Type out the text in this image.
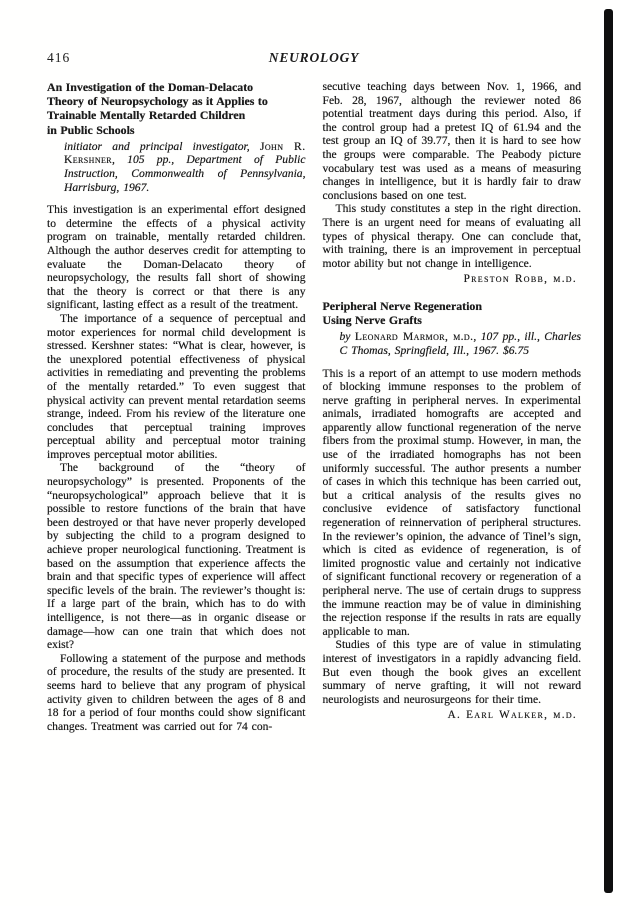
416	NEUROLOGY
An Investigation of the Doman-Delacato
Theory of Neuropsychology as it Applies to
Trainable Mentally Retarded Children
in Public Schools

initiator and principal investigator, John R. Kershner, 105 pp., Department of Public Instruction, Commonwealth of Pennsylvania, Harrisburg, 1967.

This investigation is an experimental effort designed to determine the effects of a physical activity program on trainable, mentally retarded children. Although the author deserves credit for attempting to evaluate the Doman-Delacato theory of neuropsychology, the results fall short of showing that the theory is correct or that there is any significant, lasting effect as a result of the treatment.

The importance of a sequence of perceptual and motor experiences for normal child development is stressed. Kershner states: “What is clear, however, is the unexplored potential effectiveness of physical activities in remediating and preventing the problems of the mentally retarded.” To even suggest that physical activity can prevent mental retardation seems strange, indeed. From his review of the literature one concludes that perceptual training improves perceptual ability and perceptual motor training improves perceptual motor abilities.

The background of the “theory of neuropsychology” is presented. Proponents of the “neuropsychological” approach believe that it is possible to restore functions of the brain that have been destroyed or that have never properly developed by subjecting the child to a program designed to achieve proper neurological functioning. Treatment is based on the assumption that experience affects the brain and that specific types of experience will affect specific levels of the brain. The reviewer’s thought is: If a large part of the brain, which has to do with intelligence, is not there—as in organic disease or damage—how can one train that which does not exist?

Following a statement of the purpose and methods of procedure, the results of the study are presented. It seems hard to believe that any program of physical activity given to children between the ages of 8 and 18 for a period of four months could show significant changes. Treatment was carried out for 74 con-

secutive teaching days between Nov. 1, 1966, and Feb. 28, 1967, although the reviewer noted 86 potential treatment days during this period. Also, if the control group had a pretest IQ of 61.94 and the test group an IQ of 39.77, then it is hard to see how the groups were comparable. The Peabody picture vocabulary test was used as a means of measuring changes in intelligence, but it is hardly fair to draw conclusions based on one test.

This study constitutes a step in the right direction. There is an urgent need for means of evaluating all types of physical therapy. One can conclude that, with training, there is an improvement in perceptual motor ability but not change in intelligence.

Preston Robb, m.d.
Peripheral Nerve Regeneration
Using Nerve Grafts

by Leonard Marmor, m.d., 107 pp., ill., Charles C Thomas, Springfield, Ill., 1967. $6.75

This is a report of an attempt to use modern methods of blocking immune responses to the problem of nerve grafting in peripheral nerves. In experimental animals, irradiated homografts are accepted and apparently allow functional regeneration of the nerve fibers from the proximal stump. However, in man, the use of the irradiated homographs has not been uniformly successful. The author presents a number of cases in which this technique has been carried out, but a critical analysis of the results gives no conclusive evidence of satisfactory functional regeneration of reinnervation of peripheral structures. In the reviewer’s opinion, the advance of Tinel’s sign, which is cited as evidence of regeneration, is of limited prognostic value and certainly not indicative of significant functional recovery or regeneration of a peripheral nerve. The use of certain drugs to suppress the immune reaction may be of value in diminishing the rejection response if the results in rats are equally applicable to man.

Studies of this type are of value in stimulating interest of investigators in a rapidly advancing field. But even though the book gives an excellent summary of nerve grafting, it will not reward neurologists and neurosurgeons for their time.

A. Earl Walker, m.d.
